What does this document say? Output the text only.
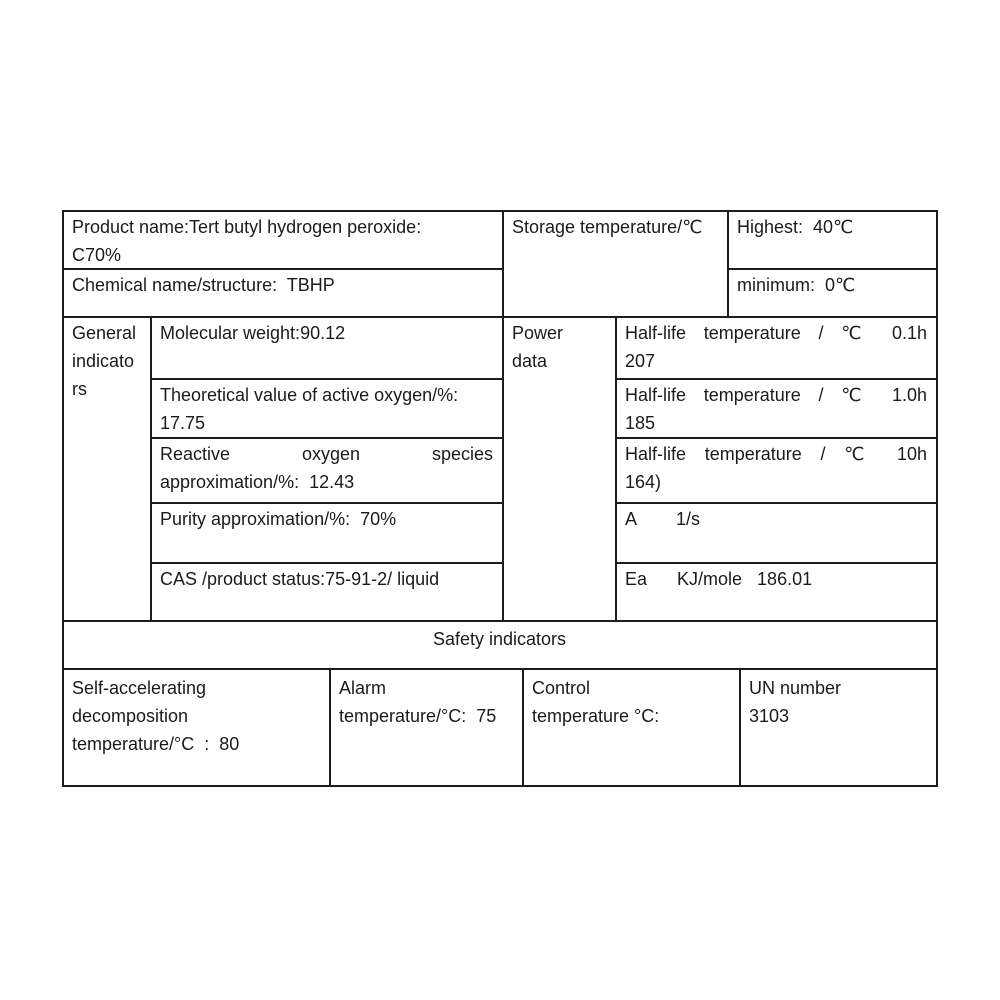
Product name:Tert butyl hydrogen peroxide:
C70%
Chemical name/structure:  TBHP
Storage temperature/℃	Highest:  40℃
minimum:  0℃
General
indicato
rs
Molecular weight:90.12
Theoretical value of active oxygen/%:
17.75
Reactive oxygen species
approximation/%:  12.43
Purity approximation/%:  70%
CAS /product status:75-91-2/ liquid
Power
data
Half-life temperature / ℃ 0.1h
207
Half-life temperature / ℃ 1.0h
185
Half-life temperature / ℃ 10h
164)
A        1/s
Ea      KJ/mole   186.01
Safety indicators
Self-accelerating
decomposition
temperature/°C  :  80
Alarm
temperature/°C:  75
Control
temperature °C:
UN number
3103
